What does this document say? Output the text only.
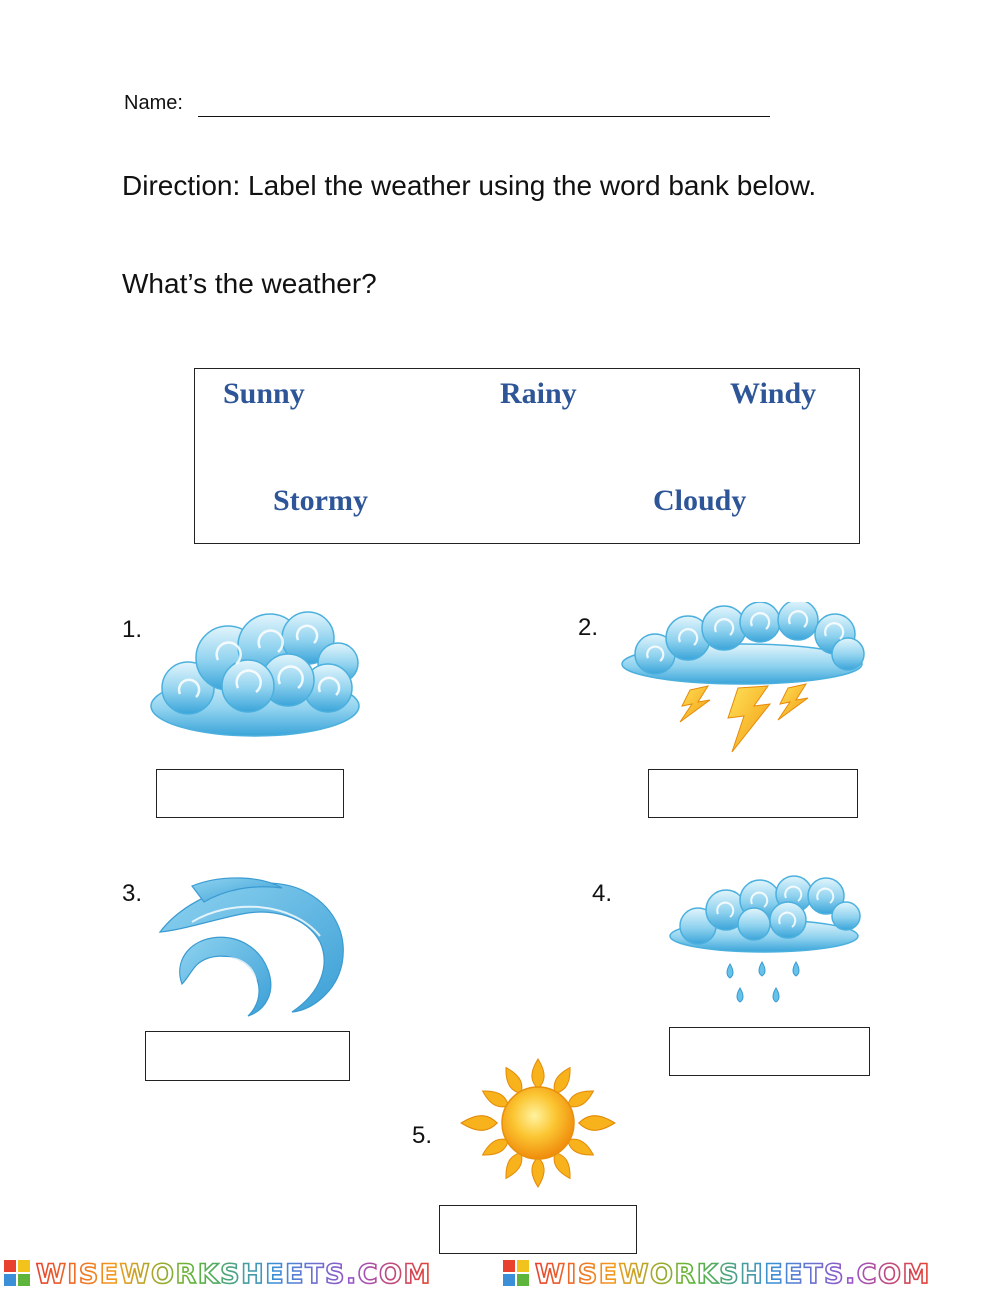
Name:
Direction: Label the weather using the word bank below.
What’s the weather?
Sunny	Rainy	Windy
Stormy	Cloudy
1.	2.
3.	4.
5.
WISEWORKSHEETS.COM	WISEWORKSHEETS.COM
